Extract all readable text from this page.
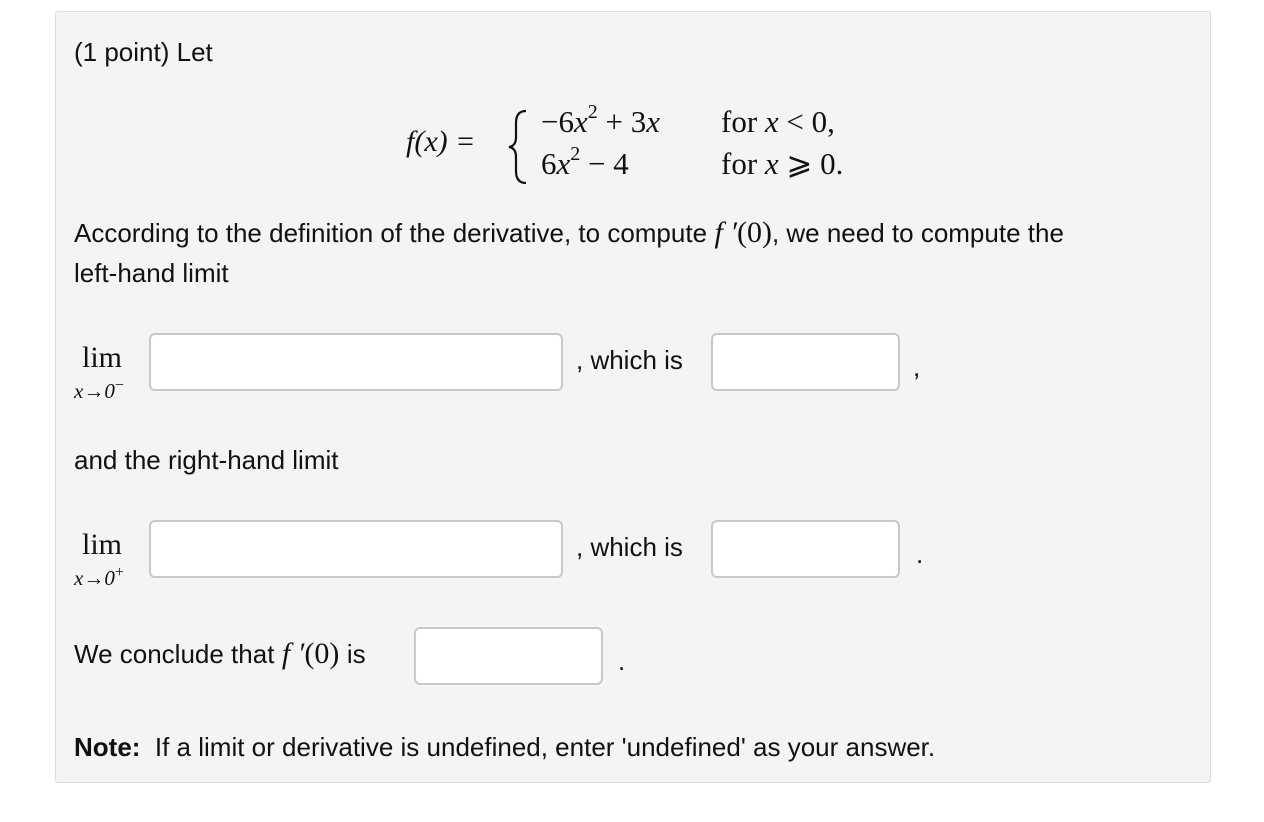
(1 point) Let
f(x) =
$-6x^2 + 3x$ for x < 0,
$6x^2 - 4$	for x ⩾ 0.
According to the definition of the derivative, to compute f ′(0), we need to compute the
left-hand limit
lim
x→0−
, which is	,
and the right-hand limit
lim
x→0+
, which is	.
We conclude that f ′(0) is	.
Note: If a limit or derivative is undefined, enter 'undefined' as your answer.
